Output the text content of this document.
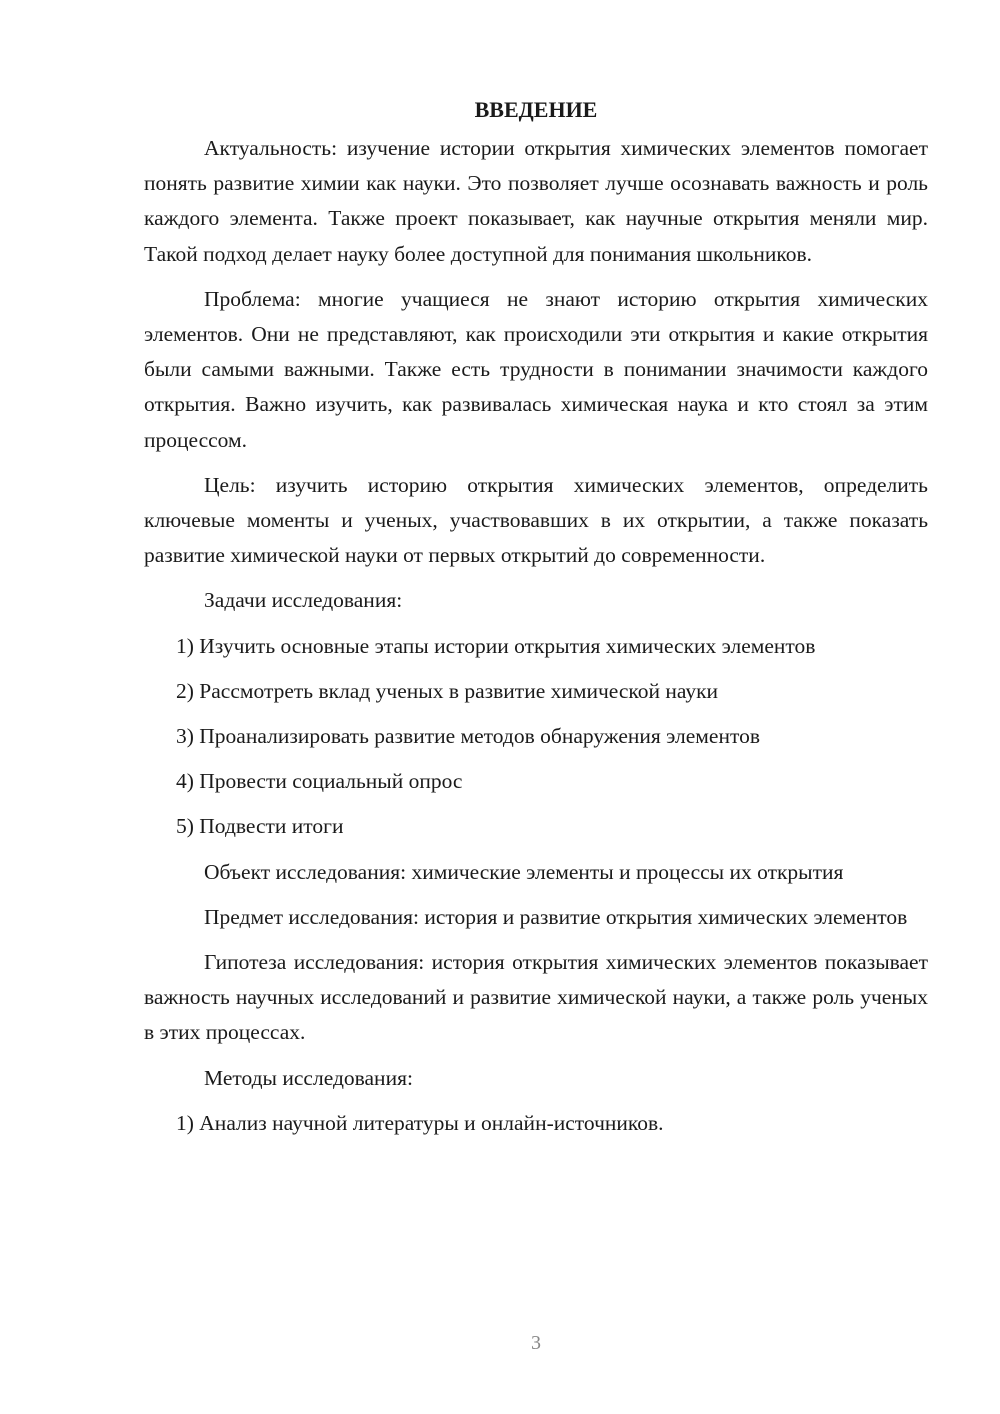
ВВЕДЕНИЕ

Актуальность: изучение истории открытия химических элементов помогает понять развитие химии как науки. Это позволяет лучше осознавать важность и роль каждого элемента. Также проект показывает, как научные открытия меняли мир. Такой подход делает науку более доступной для понимания школьников.

Проблема: многие учащиеся не знают историю открытия химических элементов. Они не представляют, как происходили эти открытия и какие открытия были самыми важными. Также есть трудности в понимании значимости каждого открытия. Важно изучить, как развивалась химическая наука и кто стоял за этим процессом.

Цель: изучить историю открытия химических элементов, определить ключевые моменты и ученых, участвовавших в их открытии, а также показать развитие химической науки от первых открытий до современности.

Задачи исследования:

1) Изучить основные этапы истории открытия химических элементов
2) Рассмотреть вклад ученых в развитие химической науки
3) Проанализировать развитие методов обнаружения элементов
4) Провести социальный опрос
5) Подвести итоги

Объект исследования: химические элементы и процессы их открытия

Предмет исследования: история и развитие открытия химических элементов

Гипотеза исследования: история открытия химических элементов показывает важность научных исследований и развитие химической науки, а также роль ученых в этих процессах.

Методы исследования:

1) Анализ научной литературы и онлайн-источников.
3
